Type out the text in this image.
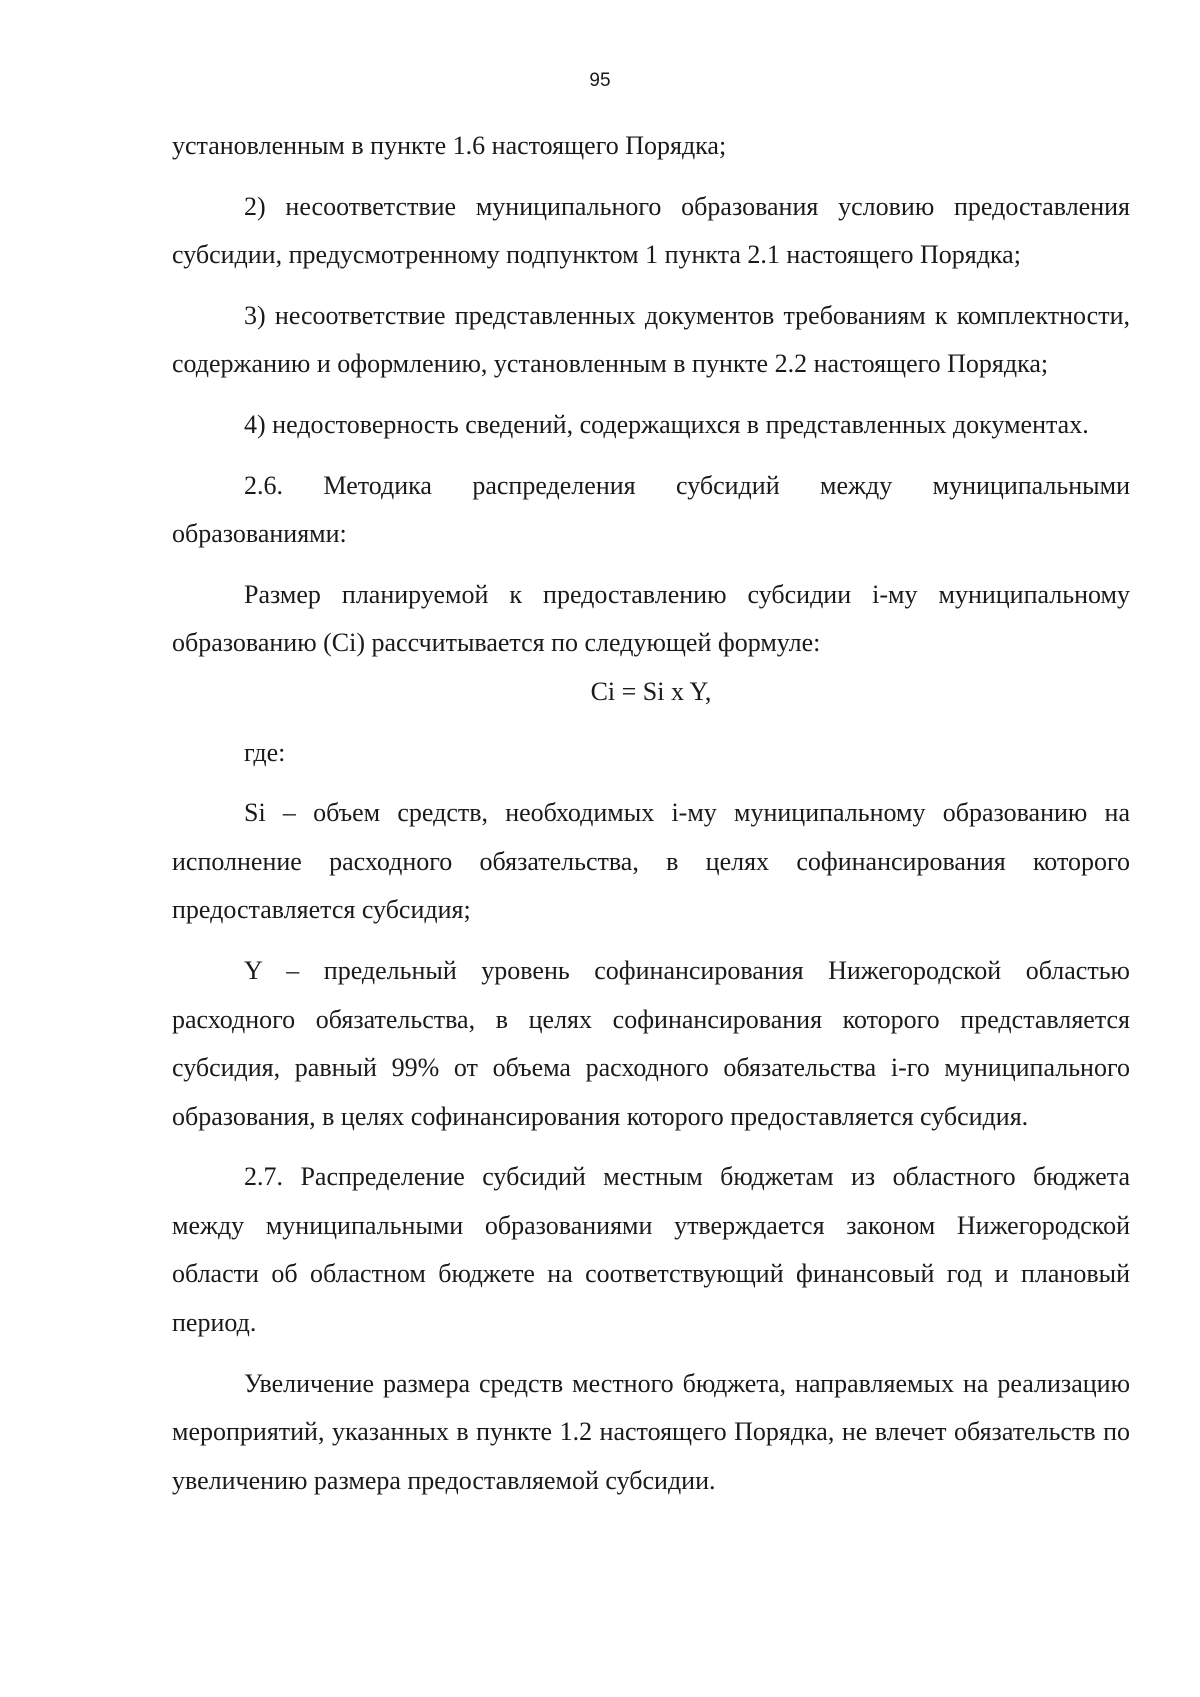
95

установленным в пункте 1.6 настоящего Порядка;

2) несоответствие муниципального образования условию предоставления субсидии, предусмотренному подпунктом 1 пункта 2.1 настоящего Порядка;

3) несоответствие представленных документов требованиям к комплектности, содержанию и оформлению, установленным в пункте 2.2 настоящего Порядка;

4) недостоверность сведений, содержащихся в представленных документах.

2.6. Методика распределения субсидий между муниципальными образованиями:

Размер планируемой к предоставлению субсидии i-му муниципальному образованию (Ci) рассчитывается по следующей формуле:

Ci = Si x Y,

где:

Si – объем средств, необходимых i-му муниципальному образованию на исполнение расходного обязательства, в целях софинансирования которого предоставляется субсидия;

Y – предельный уровень софинансирования Нижегородской областью расходного обязательства, в целях софинансирования которого представляется субсидия, равный 99% от объема расходного обязательства i-го муниципального образования, в целях софинансирования которого предоставляется субсидия.

2.7. Распределение субсидий местным бюджетам из областного бюджета между муниципальными образованиями утверждается законом Нижегородской области об областном бюджете на соответствующий финансовый год и плановый период.

Увеличение размера средств местного бюджета, направляемых на реализацию мероприятий, указанных в пункте 1.2 настоящего Порядка, не влечет обязательств по увеличению размера предоставляемой субсидии.
